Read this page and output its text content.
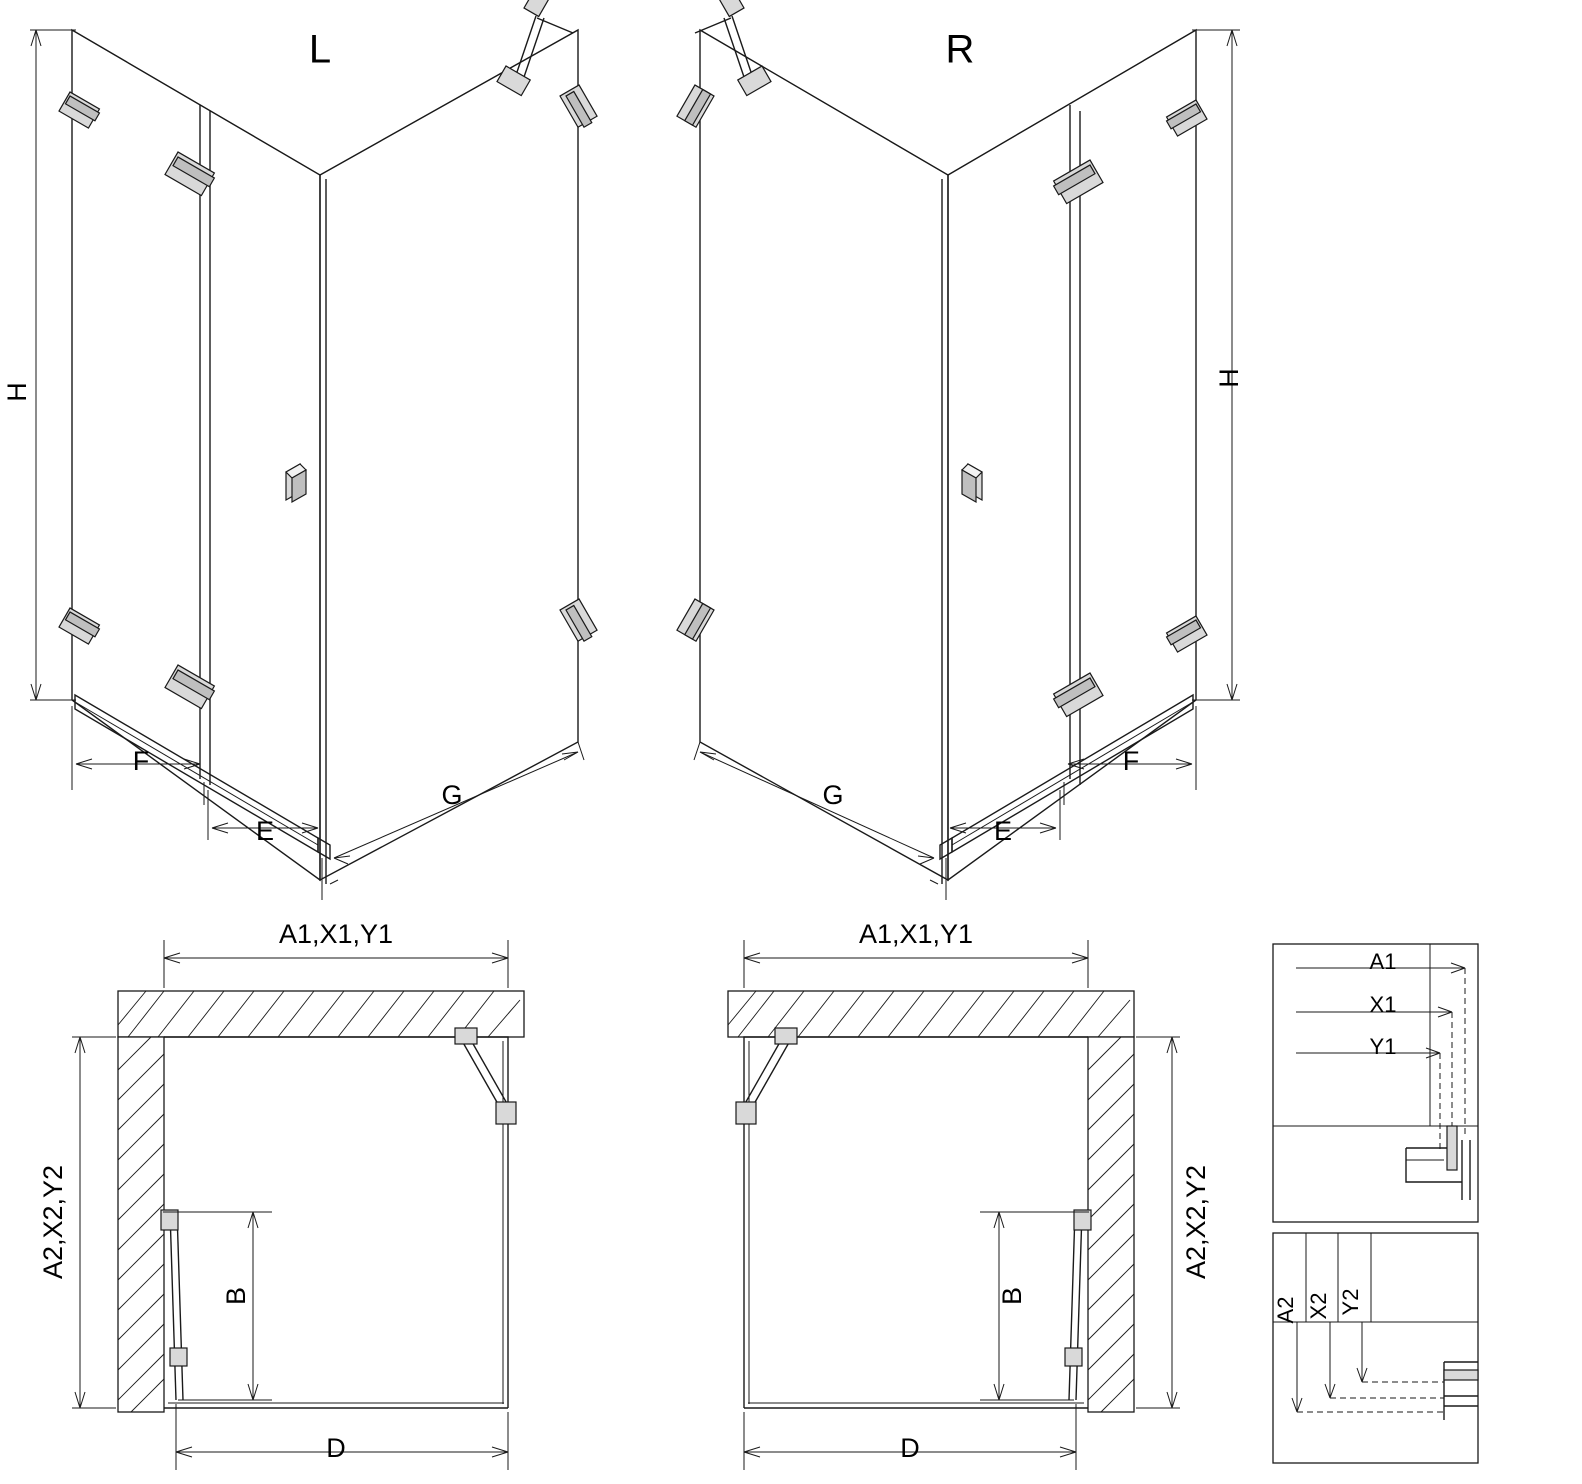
H
F
E
G
L
H
F
E
G
R
A1,X1,Y1
A2,X2,Y2
B
D
A1,X1,Y1
A2,X2,Y2
B
D
A1
X1
Y1
A2 X2 Y2
